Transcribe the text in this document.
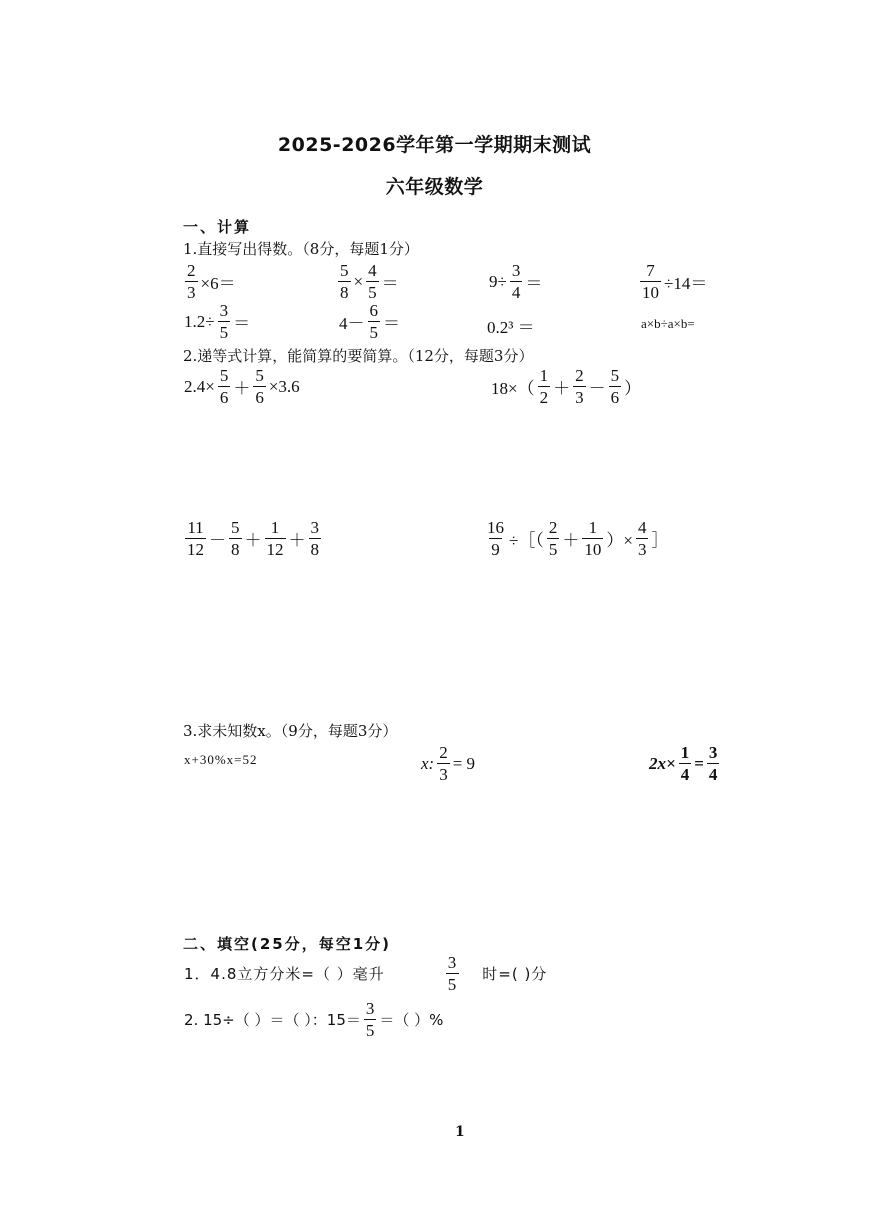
2025-2026学年第一学期期末测试
六年级数学
一、计算
1.直接写出得数。（8分，每题1分）
$\frac{2}{3} \times 6=$	$\frac{5}{8} \times \frac{4}{5}$ ＝	$9\div \frac{3}{4}$ ＝	$\frac{7}{10} \div 14=$
$1.2\div \frac{3}{5}$ ＝	$4- \frac{6}{5}$ ＝	0.2³ ＝	a×b÷a×b=
2.递等式计算，能简算的要简算。（12分，每题3分）
$2.4\times \frac{5}{6} + \frac{5}{6} \times 3.6$	$18\times( \frac{1}{2} + \frac{2}{3} - \frac{5}{6}$ ）
$\frac{11}{12} - \frac{5}{8} + \frac{1}{12} + \frac{3}{8}$	$\frac{16}{9}$ ÷［（ $\frac{2}{5} + \frac{1}{10}$ ）× $\frac{4}{3}$ ］
3.求未知数x。（9分，每题3分）
x+30%x=52	x: $\frac{2}{3} = 9$	$2x\times \frac{1}{4} = \frac{3}{4}$
二、填空(25分，每空1分)
1．4.8立方分米=（ ）毫升	$\frac{3}{5}$ 时=( )分
2. 15÷（ ）＝（ ）：$15= \frac{3}{5}$ ＝（ ）%
1
